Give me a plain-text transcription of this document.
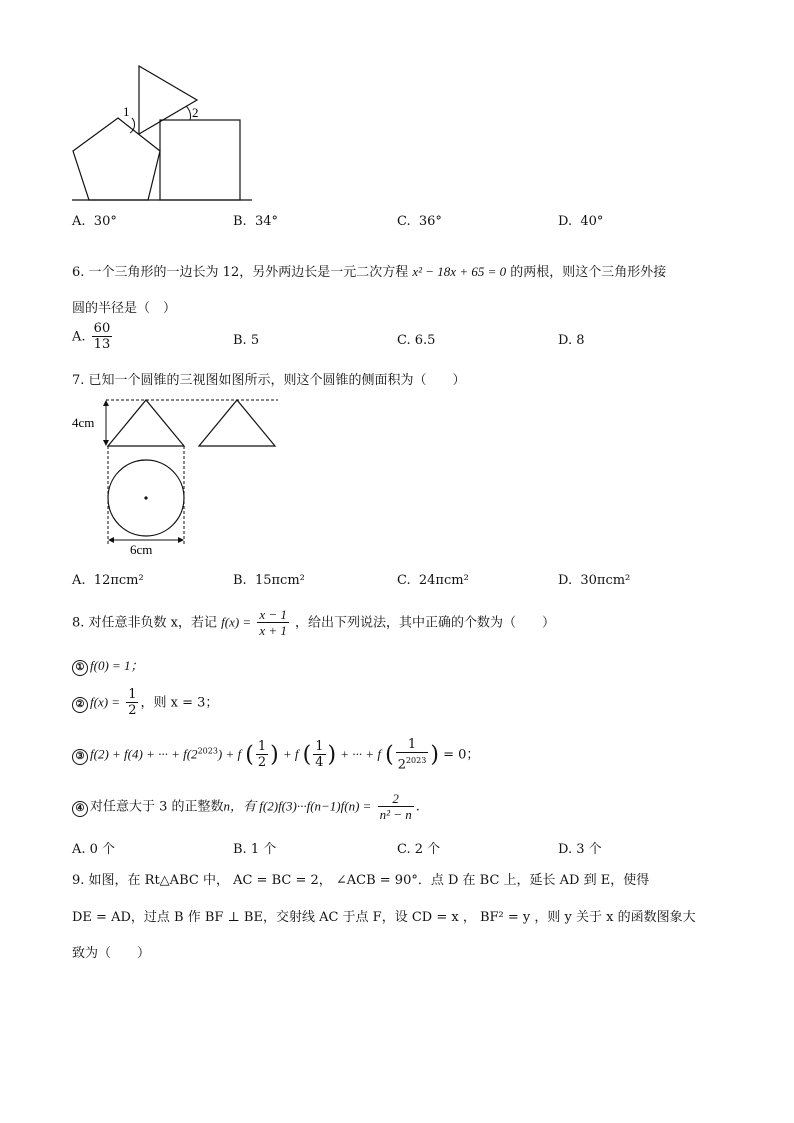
1	2
A. 30°	B. 34°	C. 36°	D. 40°
6. 一个三角形的一边长为 12，另外两边长是一元二次方程 x² − 18x + 65 = 0 的两根，则这个三角形外接
圆的半径是（　）
A. $\frac{60}{13}$	B. 5	C. 6.5	D. 8
7. 已知一个圆锥的三视图如图所示，则这个圆锥的侧面积为（　　）
4cm
6cm
A. 12πcm²	B. 15πcm²	C. 24πcm²	D. 30πcm²
8. 对任意非负数 x，若记 $f(x) = \frac{x - 1}{x + 1}$ ，给出下列说法，其中正确的个数为（　　）
① f(0) = 1；
② $f(x) = \frac{1}{2}$ ，则 x = 3；
③ f(2) + f(4) + ··· + $f(2^{2023}) + f$ ( $\frac{1}{2}$ ) + f ( $\frac{1}{4}$ ) + ··· + f ( $\frac{1}{2^{2023}}$ ) = 0；
④ 对任意大于 3 的正整数n，有 $f(2)f(3)\cdot\cdot\cdot f(n-1)f(n) = \frac{2}{\text{n² − n}}$ .
A. 0 个	B. 1 个	C. 2 个	D. 3 个
9. 如图，在 Rt△ABC 中， AC = BC = 2， ∠ACB = 90°．点 D 在 BC 上，延长 AD 到 E，使得
DE = AD，过点 B 作 BF ⊥ BE，交射线 AC 于点 F，设 CD = x ， BF² = y ，则 y 关于 x 的函数图象大
致为（　　）
